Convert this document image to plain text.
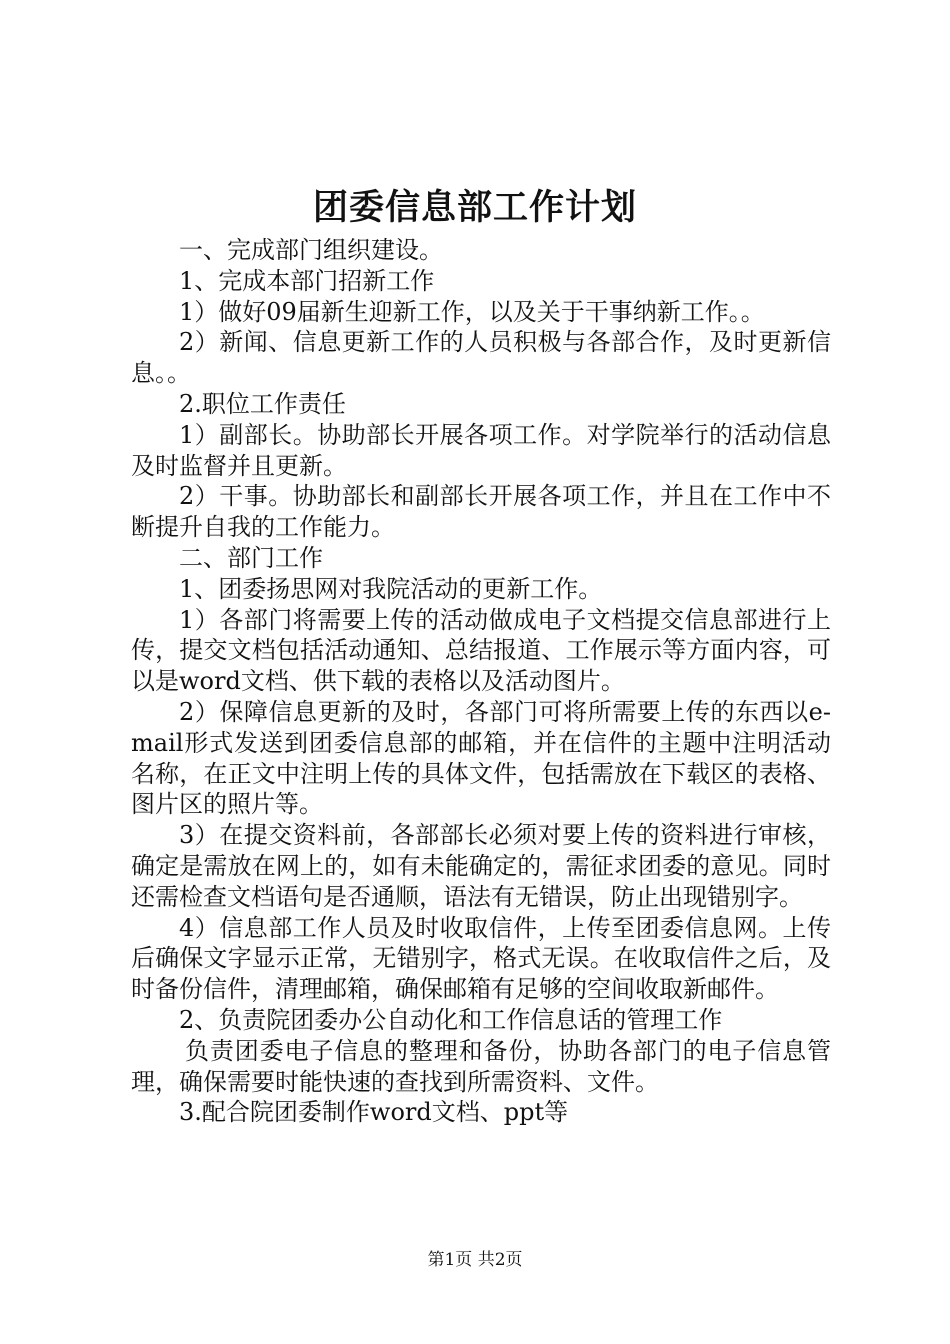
团委信息部工作计划

一、完成部门组织建设。

1、完成本部门招新工作

1）做好09届新生迎新工作，以及关于干事纳新工作。。

2）新闻、信息更新工作的人员积极与各部合作，及时更新信息。。

2.职位工作责任

1）副部长。协助部长开展各项工作。对学院举行的活动信息及时监督并且更新。

2）干事。协助部长和副部长开展各项工作，并且在工作中不断提升自我的工作能力。

二、部门工作

1、团委扬思网对我院活动的更新工作。

1）各部门将需要上传的活动做成电子文档提交信息部进行上传，提交文档包括活动通知、总结报道、工作展示等方面内容，可以是word文档、供下载的表格以及活动图片。

2）保障信息更新的及时，各部门可将所需要上传的东西以e-mail形式发送到团委信息部的邮箱，并在信件的主题中注明活动名称，在正文中注明上传的具体文件，包括需放在下载区的表格、图片区的照片等。

3）在提交资料前，各部部长必须对要上传的资料进行审核，确定是需放在网上的，如有未能确定的，需征求团委的意见。同时还需检查文档语句是否通顺，语法有无错误，防止出现错别字。

4）信息部工作人员及时收取信件，上传至团委信息网。上传后确保文字显示正常，无错别字，格式无误。在收取信件之后，及时备份信件，清理邮箱，确保邮箱有足够的空间收取新邮件。

2、负责院团委办公自动化和工作信息话的管理工作

负责团委电子信息的整理和备份，协助各部门的电子信息管理，确保需要时能快速的查找到所需资料、文件。

3.配合院团委制作word文档、ppt等

第1页 共2页
